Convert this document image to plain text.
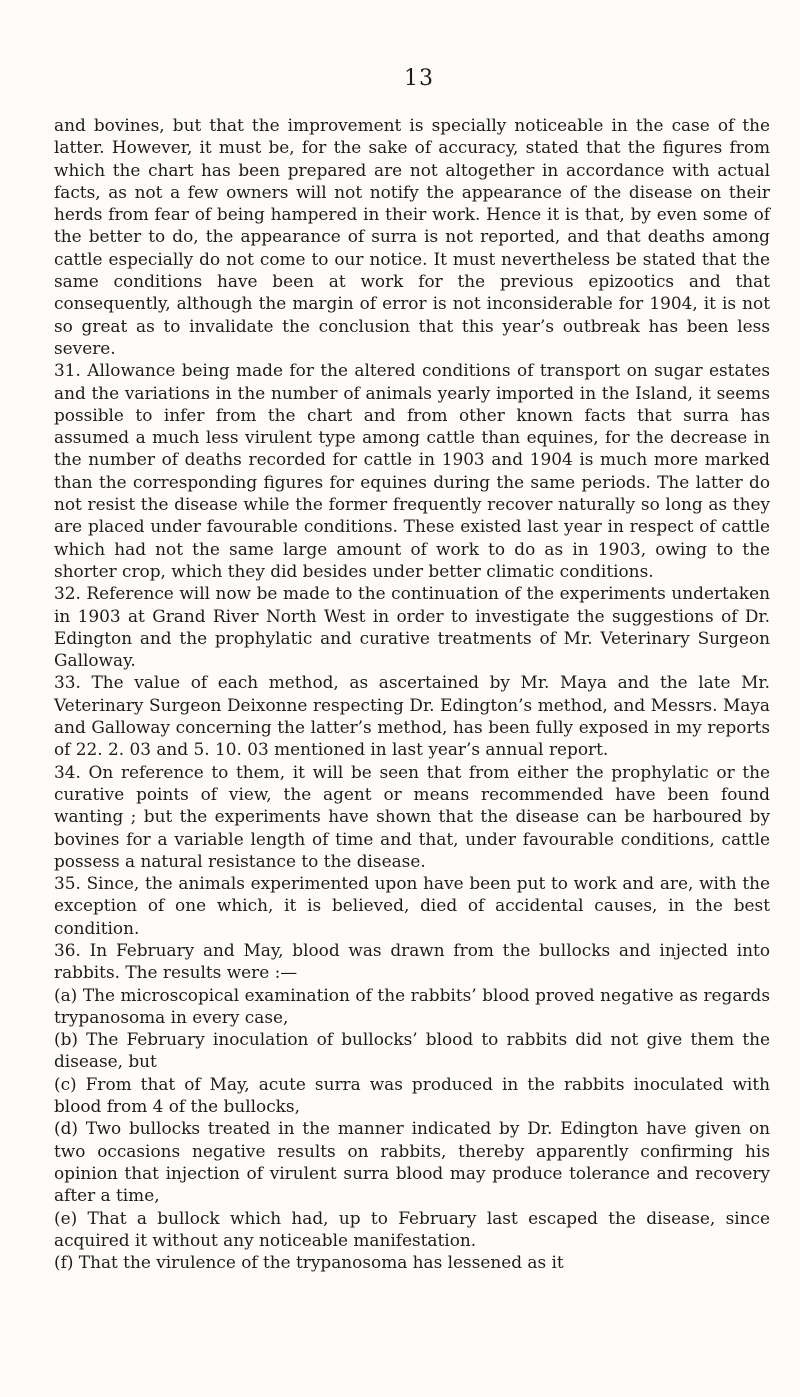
13

and bovines, but that the improvement is specially noticeable in the case of the latter. However, it must be, for the sake of accuracy, stated that the figures from which the chart has been prepared are not altogether in accordance with actual facts, as not a few owners will not notify the appearance of the disease on their herds from fear of being hampered in their work. Hence it is that, by even some of the better to do, the appearance of surra is not reported, and that deaths among cattle especially do not come to our notice. It must nevertheless be stated that the same conditions have been at work for the previous epizootics and that consequently, although the margin of error is not inconsiderable for 1904, it is not so great as to invalidate the conclusion that this year’s outbreak has been less severe.

31. Allowance being made for the altered conditions of transport on sugar estates and the variations in the number of animals yearly imported in the Island, it seems possible to infer from the chart and from other known facts that surra has assumed a much less virulent type among cattle than equines, for the decrease in the number of deaths recorded for cattle in 1903 and 1904 is much more marked than the corresponding figures for equines during the same periods. The latter do not resist the disease while the former frequently recover naturally so long as they are placed under favourable conditions. These existed last year in respect of cattle which had not the same large amount of work to do as in 1903, owing to the shorter crop, which they did besides under better climatic conditions.

32. Reference will now be made to the continuation of the experiments undertaken in 1903 at Grand River North West in order to investigate the suggestions of Dr. Edington and the prophylatic and curative treatments of Mr. Veterinary Surgeon Galloway.

33. The value of each method, as ascertained by Mr. Maya and the late Mr. Veterinary Surgeon Deixonne respecting Dr. Edington’s method, and Messrs. Maya and Galloway concerning the latter’s method, has been fully exposed in my reports of 22. 2. 03 and 5. 10. 03 mentioned in last year’s annual report.

34. On reference to them, it will be seen that from either the prophylatic or the curative points of view, the agent or means recommended have been found wanting ; but the experiments have shown that the disease can be harboured by bovines for a variable length of time and that, under favourable conditions, cattle possess a natural resistance to the disease.

35. Since, the animals experimented upon have been put to work and are, with the exception of one which, it is believed, died of accidental causes, in the best condition.

36. In February and May, blood was drawn from the bullocks and injected into rabbits. The results were :—

(a) The microscopical examination of the rabbits’ blood proved negative as regards trypanosoma in every case,

(b) The February inoculation of bullocks’ blood to rabbits did not give them the disease, but

(c) From that of May, acute surra was produced in the rabbits inoculated with blood from 4 of the bullocks,

(d) Two bullocks treated in the manner indicated by Dr. Edington have given on two occasions negative results on rabbits, thereby apparently confirming his opinion that injection of virulent surra blood may produce tolerance and recovery after a time,

(e) That a bullock which had, up to February last escaped the disease, since acquired it without any noticeable manifestation.

(f) That the virulence of the trypanosoma has lessened as it
